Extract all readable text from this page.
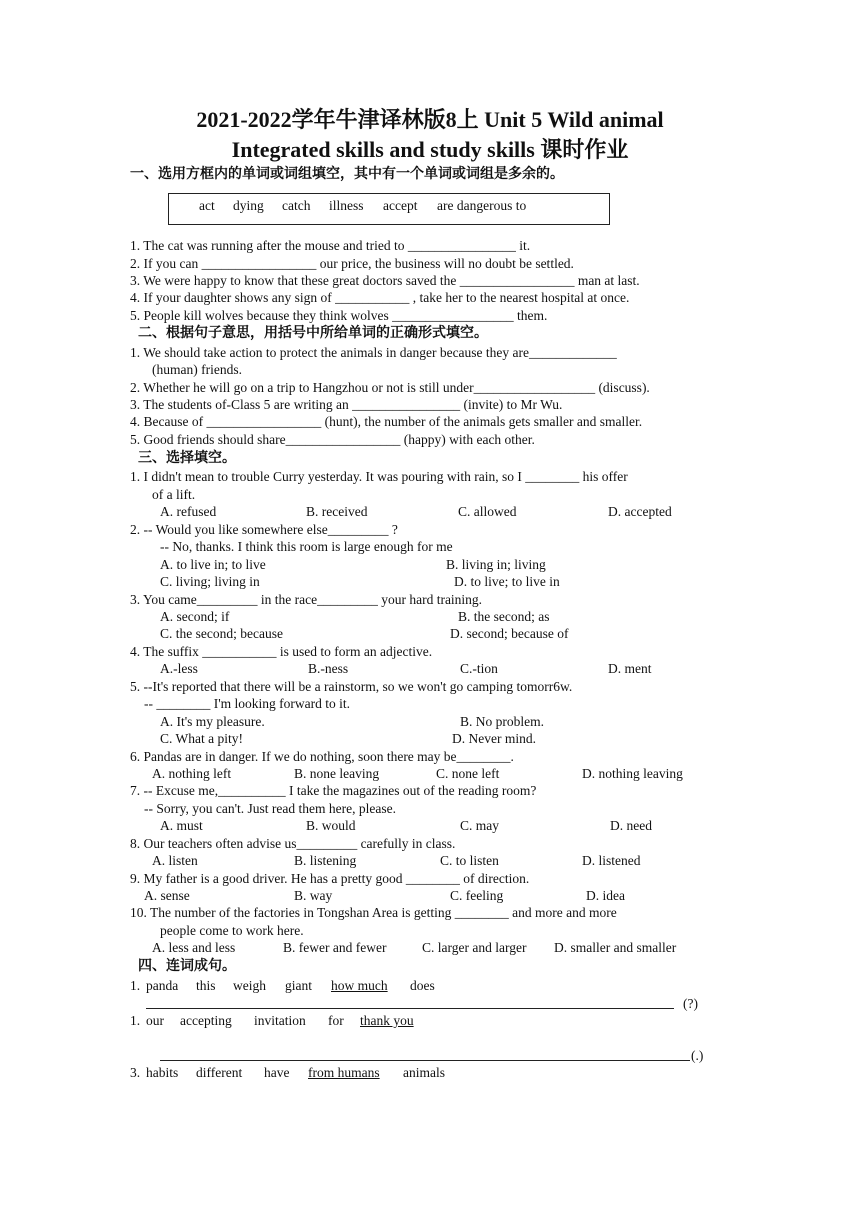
2021-2022学年牛津译林版8上 Unit 5 Wild animal
Integrated skills and study skills 课时作业
一、选用方框内的单词或词组填空，其中有一个单词或词组是多余的。
act dying catch illness accept are dangerous to
1. The cat was running after the mouse and tried to ________________ it.
2. If you can _________________ our price, the business will no doubt be settled.
3. We were happy to know that these great doctors saved the _________________ man at last.
4. If your daughter shows any sign of ___________ , take her to the nearest hospital at once.
5. People kill wolves because they think wolves __________________ them.
二、根据句子意思，用括号中所给单词的正确形式填空。
1. We should take action to protect the animals in danger because they are_____________
(human) friends.
2. Whether he will go on a trip to Hangzhou or not is still under__________________ (discuss).
3. The students of-Class 5 are writing an ________________ (invite) to Mr Wu.
4. Because of _________________ (hunt), the number of the animals gets smaller and smaller.
5. Good friends should share_________________ (happy) with each other.
三、选择填空。
1. I didn't mean to trouble Curry yesterday. It was pouring with rain, so I ________ his offer
of a lift.
A. refused	B. received	C. allowed	D. accepted
2. -- Would you like somewhere else_________ ?
-- No, thanks. I think this room is large enough for me
A. to live in; to live	B. living in; living
C. living; living in	D. to live; to live in
3. You came_________ in the race_________ your hard training.
A. second; if	B. the second; as
C. the second; because	D. second; because of
4. The suffix ___________ is used to form an adjective.
A.-less	B.-ness	C.-tion	D. ment
5. --It's reported that there will be a rainstorm, so we won't go camping tomorr6w.
-- ________ I'm looking forward to it.
A. It's my pleasure.	B. No problem.
C. What a pity!	D. Never mind.
6. Pandas are in danger. If we do nothing, soon there may be________.
A. nothing left	B. none leaving	C. none left	D. nothing leaving
7. -- Excuse me,__________ I take the magazines out of the reading room?
-- Sorry, you can't. Just read them here, please.
A. must	B. would	C. may	D. need
8. Our teachers often advise us_________ carefully in class.
A. listen	B. listening	C. to listen	D. listened
9. My father is a good driver. He has a pretty good ________ of direction.
A. sense	B. way	C. feeling	D. idea
10. The number of the factories in Tongshan Area is getting ________ and more and more
people come to work here.
A. less and less	B. fewer and fewer	C. larger and larger D. smaller and smaller
四、连词成句。
1. panda this weigh giant how much does
(?)
1. our accepting invitation for thank you
(.)
3. habits different have from humans animals
